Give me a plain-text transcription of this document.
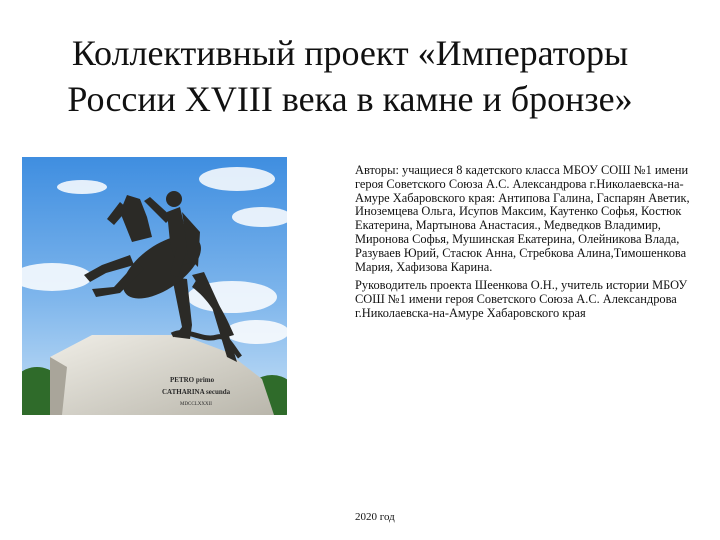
Коллективный проект «Императоры
России XVIII века в камне и бронзе»
PETRO primo
CATHARINA secunda
MDCCLXXXII

Авторы: учащиеся 8 кадетского класса МБОУ СОШ №1 имени героя Советского Союза А.С. Александрова г.Николаевска-на-Амуре Хабаровского края: Антипова Галина, Гаспарян Аветик, Иноземцева Ольга, Исупов Максим, Каутенко Софья, Костюк Екатерина, Мартынова Анастасия., Медведков Владимир, Миронова Софья, Мушинская Екатерина, Олейникова Влада, Разуваев Юрий, Стасюк Анна, Стребкова Алина,Тимошенкова Мария, Хафизова Карина.

Руководитель проекта Шеенкова О.Н., учитель истории МБОУ СОШ №1 имени героя Советского Союза А.С. Александрова г.Николаевска-на-Амуре Хабаровского края

2020 год
